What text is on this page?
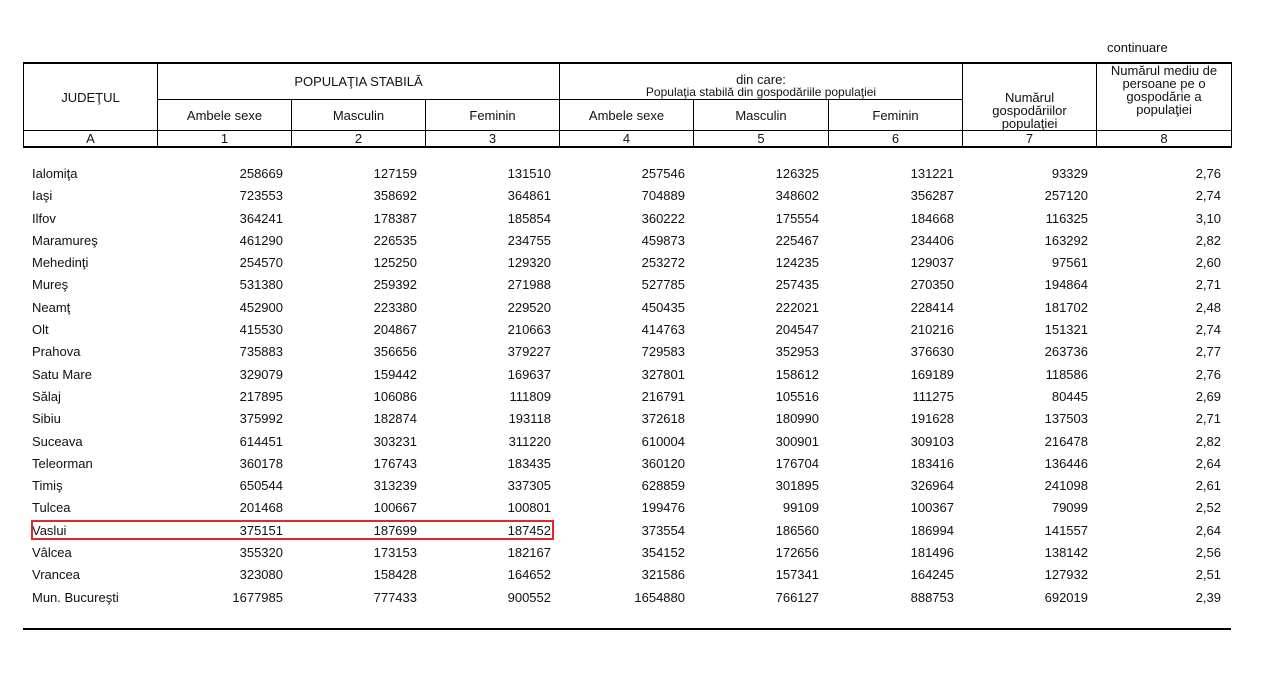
continuare
JUDEŢUL	POPULAŢIA STABILĂ			din care:			Numărul gospodăriilor populaţiei	Numărul mediu de persoane pe o gospodărie a populaţiei
				Populaţia stabilă din gospodăriile populaţiei				
	Ambele sexe	Masculin	Feminin	Ambele sexe	Masculin	Feminin		
A	1	2	3	4	5	6	7	8
Ialomiţa	258669	127159	131510	257546	126325	131221	93329	2,76
Iaşi	723553	358692	364861	704889	348602	356287	257120	2,74
Ilfov	364241	178387	185854	360222	175554	184668	116325	3,10
Maramureş	461290	226535	234755	459873	225467	234406	163292	2,82
Mehedinţi	254570	125250	129320	253272	124235	129037	97561	2,60
Mureş	531380	259392	271988	527785	257435	270350	194864	2,71
Neamţ	452900	223380	229520	450435	222021	228414	181702	2,48
Olt	415530	204867	210663	414763	204547	210216	151321	2,74
Prahova	735883	356656	379227	729583	352953	376630	263736	2,77
Satu Mare	329079	159442	169637	327801	158612	169189	118586	2,76
Sălaj	217895	106086	111809	216791	105516	111275	80445	2,69
Sibiu	375992	182874	193118	372618	180990	191628	137503	2,71
Suceava	614451	303231	311220	610004	300901	309103	216478	2,82
Teleorman	360178	176743	183435	360120	176704	183416	136446	2,64
Timiş	650544	313239	337305	628859	301895	326964	241098	2,61
Tulcea	201468	100667	100801	199476	99109	100367	79099	2,52
Vaslui	375151	187699	187452	373554	186560	186994	141557	2,64
Vâlcea	355320	173153	182167	354152	172656	181496	138142	2,56
Vrancea	323080	158428	164652	321586	157341	164245	127932	2,51
Mun. Bucureşti	1677985	777433	900552	1654880	766127	888753	692019	2,39
